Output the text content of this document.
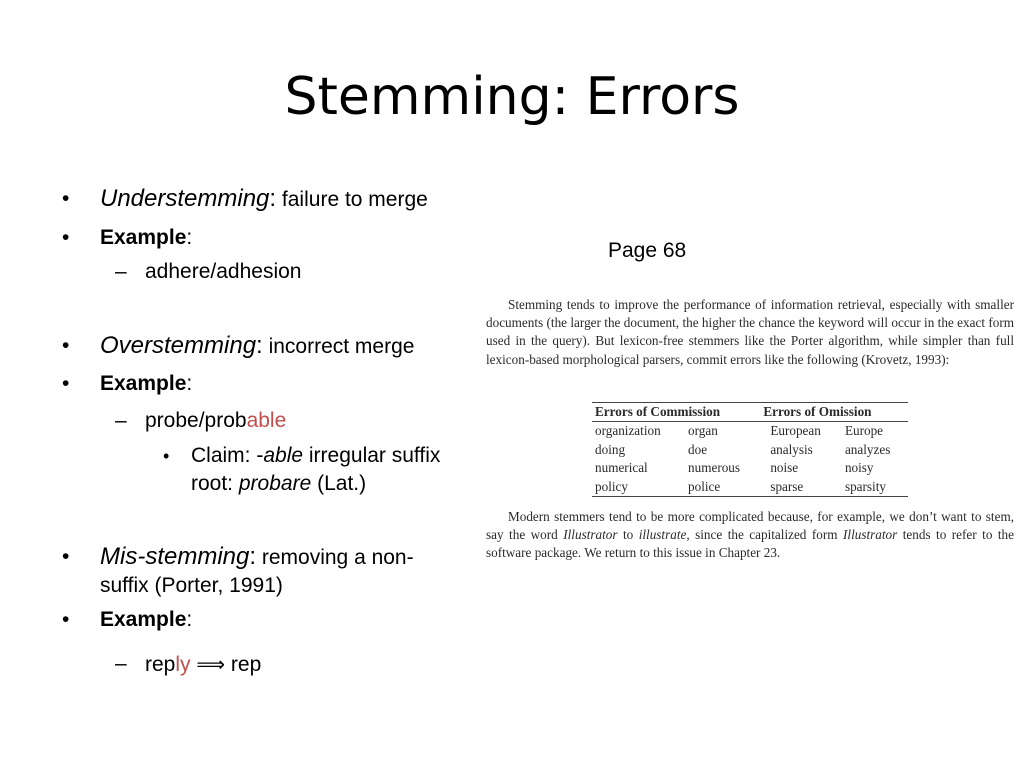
Stemming: Errors
• Understemming: failure to merge
• Example:
– adhere/adhesion
• Overstemming: incorrect merge
• Example:
– probe/probable
• Claim: -able irregular suffix
root: probare (Lat.)
• Mis-stemming: removing a non-
suffix (Porter, 1991)
• Example:
– reply ⟹ rep
Page 68

Stemming tends to improve the performance of information retrieval, especially with smaller documents (the larger the document, the higher the chance the keyword will occur in the exact form used in the query). But lexicon-free stemmers like the Porter algorithm, while simpler than full lexicon-based morphological parsers, commit errors like the following (Krovetz, 1993):

Errors of Commission		Errors of Omission	
organization	organ	European	Europe
doing	doe	analysis	analyzes
numerical	numerous	noise	noisy
policy	police	sparse	sparsity

Modern stemmers tend to be more complicated because, for example, we don’t want to stem, say the word Illustrator to illustrate, since the capitalized form Illustrator tends to refer to the software package. We return to this issue in Chapter 23.
